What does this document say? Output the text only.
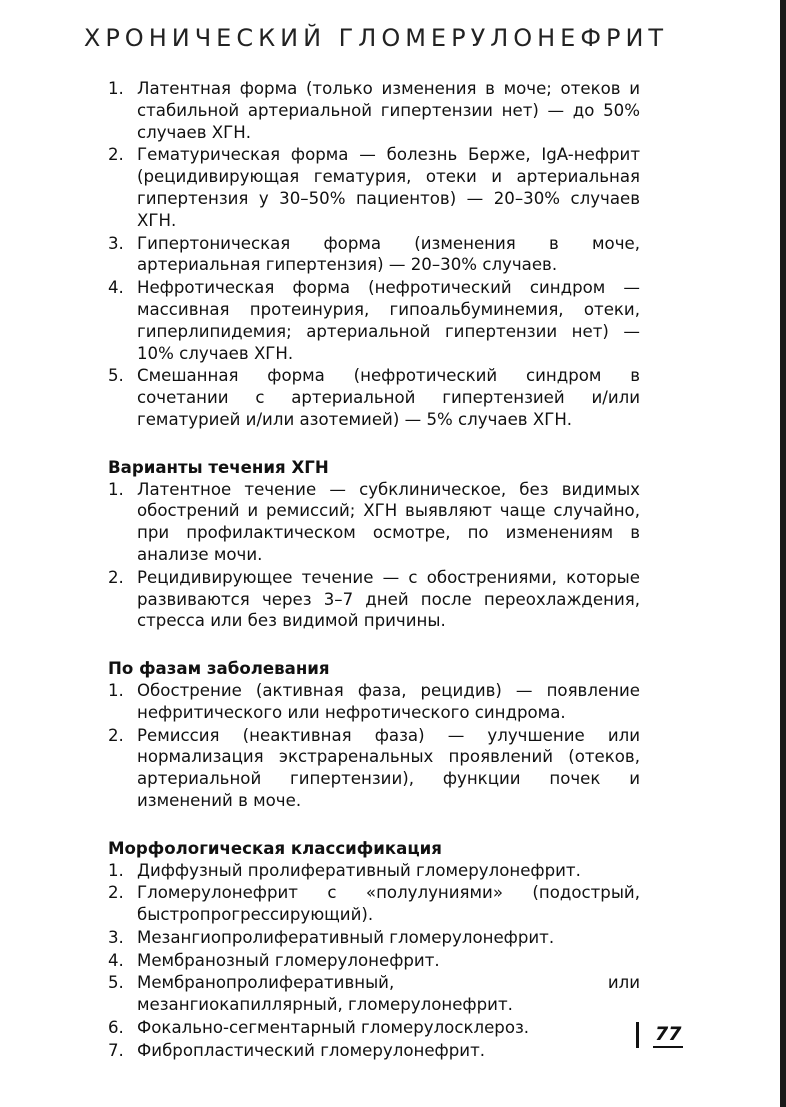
ХРОНИЧЕСКИЙ ГЛОМЕРУЛОНЕФРИТ
1. Латентная форма (только изменения в моче; отеков и стабильной артериальной гипертензии нет) — до 50% случаев ХГН.
2. Гематурическая форма — болезнь Берже, IgA-нефрит (рецидивирующая гематурия, отеки и артериальная гипертензия у 30–50% пациентов) — 20–30% случаев ХГН.
3. Гипертоническая форма (изменения в моче, артериальная гипертензия) — 20–30% случаев.
4. Нефротическая форма (нефротический синдром — массивная протеинурия, гипоальбуминемия, отеки, гиперлипидемия; артериальной гипертензии нет) — 10% случаев ХГН.
5. Смешанная форма (нефротический синдром в сочетании с артериальной гипертензией и/или гематурией и/или азотемией) — 5% случаев ХГН.
Варианты течения ХГН
1. Латентное течение — субклиническое, без видимых обострений и ремиссий; ХГН выявляют чаще случайно, при профилактическом осмотре, по изменениям в анализе мочи.
2. Рецидивирующее течение — с обострениями, которые развиваются через 3–7 дней после переохлаждения, стресса или без видимой причины.
По фазам заболевания
1. Обострение (активная фаза, рецидив) — появление нефритического или нефротического синдрома.
2. Ремиссия (неактивная фаза) — улучшение или нормализация экстраренальных проявлений (отеков, артериальной гипертензии), функции почек и изменений в моче.
Морфологическая классификация
1. Диффузный пролиферативный гломерулонефрит.
2. Гломерулонефрит с «полулуниями» (подострый, быстропрогрессирующий).
3. Мезангиопролиферативный гломерулонефрит.
4. Мембранозный гломерулонефрит.
5. Мембранопролиферативный, или мезангиокапиллярный, гломерулонефрит.
6. Фокально-сегментарный гломерулосклероз.
7. Фибропластический гломерулонефрит.
77
